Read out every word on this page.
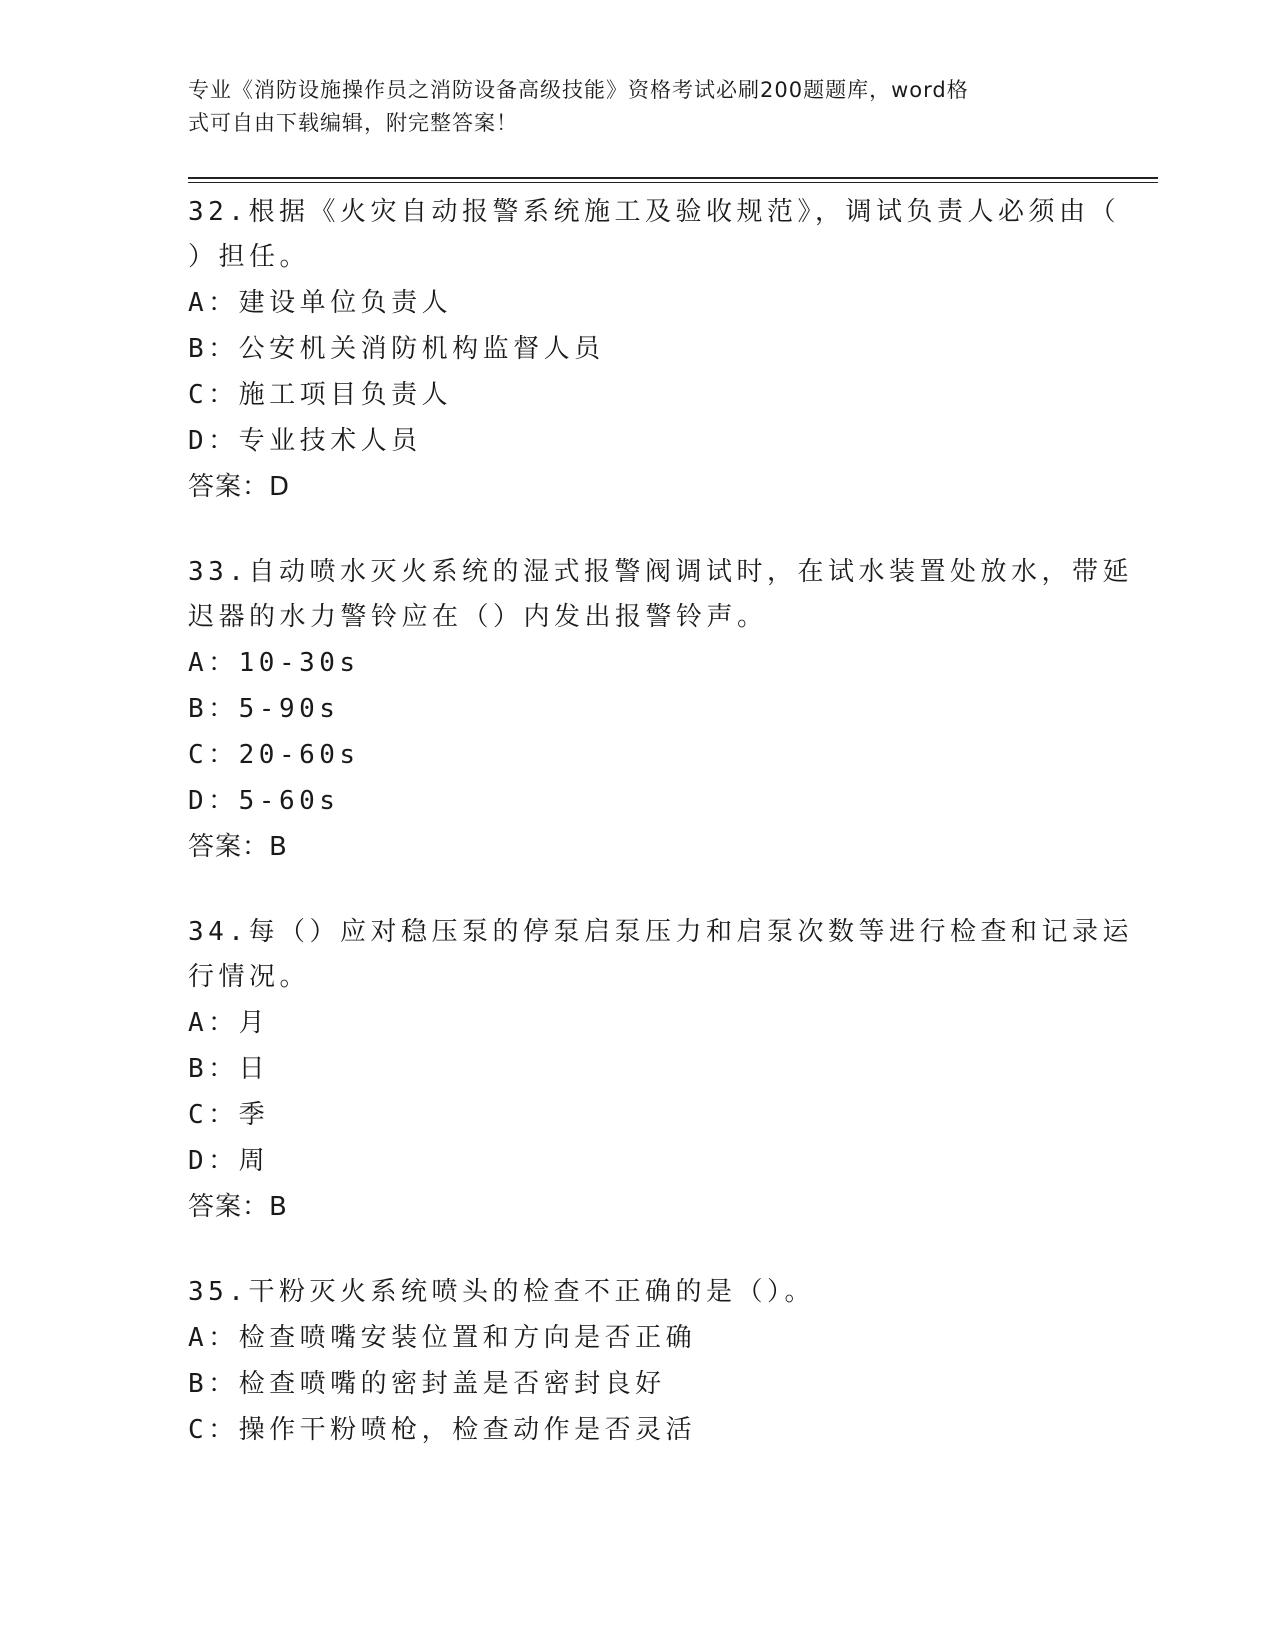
专业《消防设施操作员之消防设备高级技能》资格考试必刷200题题库，word格
式可自由下载编辑，附完整答案！
32.根据《火灾自动报警系统施工及验收规范》，调试负责人必须由（
）担任。
A：建设单位负责人
B：公安机关消防机构监督人员
C：施工项目负责人
D：专业技术人员
答案：D
33.自动喷水灭火系统的湿式报警阀调试时，在试水装置处放水，带延
迟器的水力警铃应在（）内发出报警铃声。
A：10-30s
B：5-90s
C：20-60s
D：5-60s
答案：B
34.每（）应对稳压泵的停泵启泵压力和启泵次数等进行检查和记录运
行情况。
A：月
B：日
C：季
D：周
答案：B
35.干粉灭火系统喷头的检查不正确的是（）。
A：检查喷嘴安装位置和方向是否正确
B：检查喷嘴的密封盖是否密封良好
C：操作干粉喷枪，检查动作是否灵活
